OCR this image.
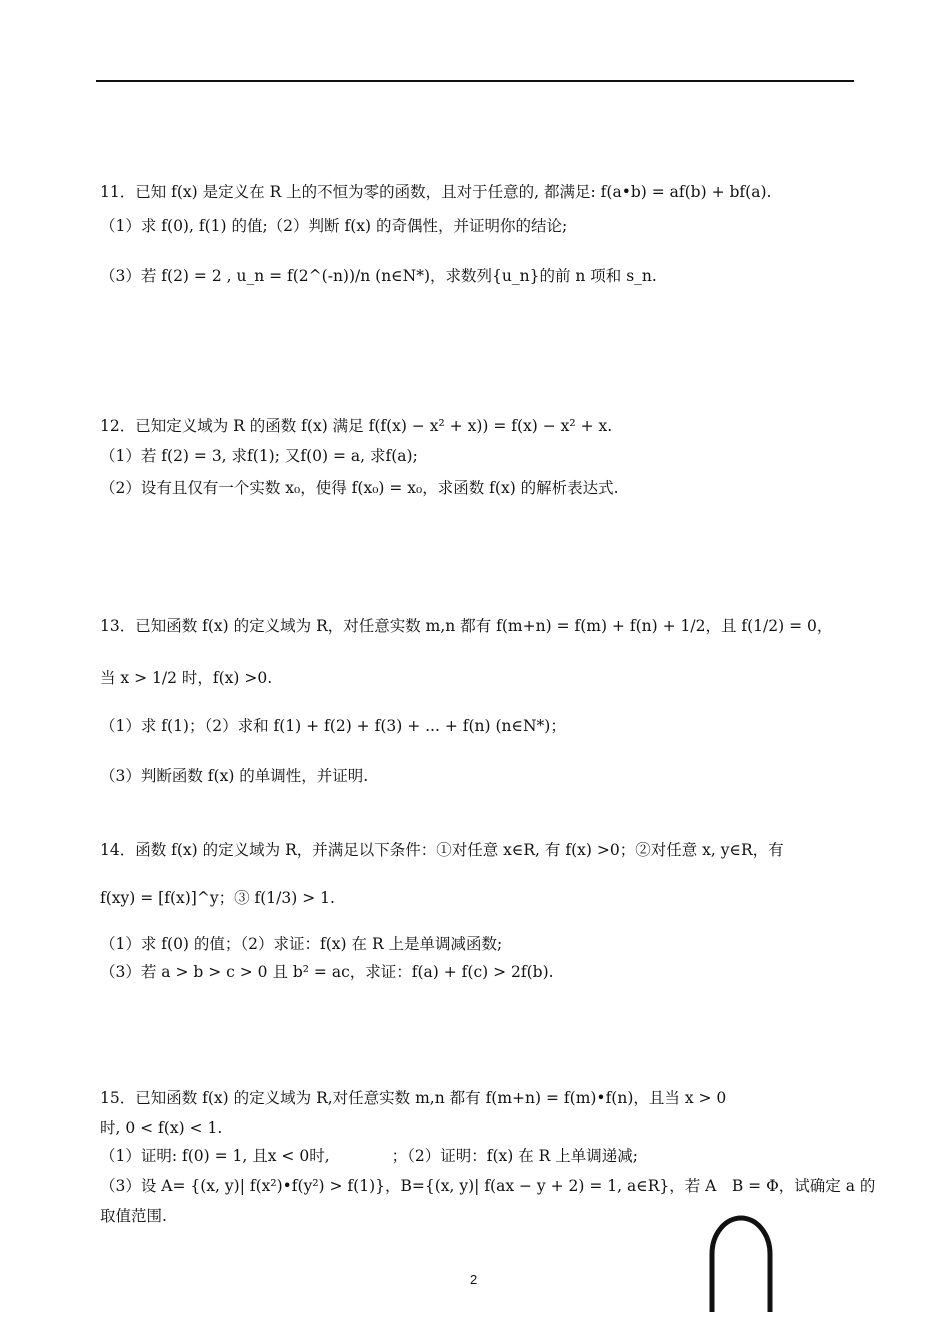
11．已知 f(x) 是定义在 R 上的不恒为零的函数，且对于任意的, 都满足: f(a•b) = af(b) + bf(a).
（1）求 f(0), f(1) 的值;（2）判断 f(x) 的奇偶性，并证明你的结论;
（3）若 f(2) = 2 , u_n = f(2^(-n))/n (n∈N*)，求数列{u_n}的前 n 项和 s_n.
12．已知定义域为 R 的函数 f(x) 满足 f(f(x) − x² + x)) = f(x) − x² + x.
（1）若 f(2) = 3, 求f(1); 又f(0) = a, 求f(a);
（2）设有且仅有一个实数 x₀，使得 f(x₀) = x₀，求函数 f(x) 的解析表达式.
13．已知函数 f(x) 的定义域为 R，对任意实数 m,n 都有 f(m+n) = f(m) + f(n) + 1/2，且 f(1/2) = 0，
当 x > 1/2 时，f(x) >0.
（1）求 f(1)；（2）求和 f(1) + f(2) + f(3) + ... + f(n) (n∈N*)；
（3）判断函数 f(x) 的单调性，并证明.
14．函数 f(x) 的定义域为 R，并满足以下条件：①对任意 x∈R, 有 f(x) >0；②对任意 x, y∈R，有
f(xy) = [f(x)]^y；③ f(1/3) > 1.
（1）求 f(0) 的值；（2）求证：f(x) 在 R 上是单调减函数;
（3）若 a > b > c > 0 且 b² = ac，求证：f(a) + f(c) > 2f(b).
15．已知函数 f(x) 的定义域为 R,对任意实数 m,n 都有 f(m+n) = f(m)•f(n)，且当 x > 0
时, 0 < f(x) < 1.
（1）证明: f(0) = 1, 且x < 0时,　　　　；（2）证明：f(x) 在 R 上单调递减;
（3）设 A= {(x, y)| f(x²)•f(y²) > f(1)}，B={(x, y)| f(ax − y + 2) = 1, a∈R}，若 A　B = Φ，试确定 a 的
取值范围.
2
